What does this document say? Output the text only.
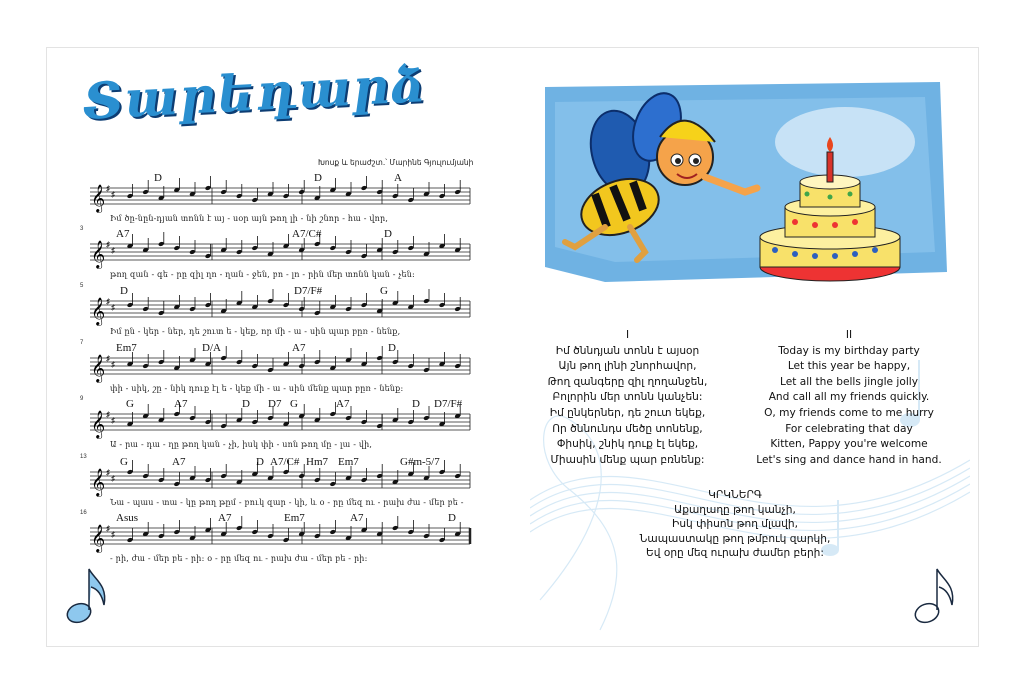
Տարեդարձ
Խոսք և երաժշտ.՝ Մարինե Գյուլումյանի
𝄞 ♯
♯
D	D	A
Իմ ծը-նըն-դյան տոնն է այ - սօր այն թող լի - նի շնոր - հա - վոր,
𝄞 ♯
♯
3	A7	A7/C#	D
թող զան - գե - րը զիլ ղո - ղան - ջեն, բո - լո - րին մեր տոնն կան - չեն:
𝄞 ♯
♯
5	D	D7/F#	G
Իմ ըն - կեր - ներ, դե շուտ ե - կեք, որ մի - ա - սին պար բըռ - նենք,
𝄞 ♯
♯
7	Em7	D/A	A7	D
փի - սիկ, շը - նիկ դուք էլ ե - կեք մի - ա - սին մենք պար բըռ - նենք:
𝄞 ♯
♯
9	G	A7	D D7 G	A7	D D7/F#
Ա - րա - դա - ղը թող կան - չի, իսկ փի - սոն թող մը - լա - վի,
𝄞 ♯
♯
13	G	A7	D A7/C# Hm7 Em7	G#m-5/7
Նա - պաս - տա - կը թող թըմ - բուկ զար - կի, և օ - րը մեզ ու - րախ ժա - մեր բե -
𝄞 ♯
♯
16	Asus	A7	Em7	A7	D
- րի, ժա - մեր բե - րի: օ - րը մեզ ու - րախ ժա - մեր բե - րի:
I
Իմ ծննդյան տոնն է այսօր
Այն թող լինի շնորհավոր,
Թող զանգերը զիլ ղողանջեն,
Բոլորին մեր տոնն կանչեն:
Իմ ընկերներ, դե շուտ եկեք,
Որ ծննունդս մեծը տոնենք,
Փիսիկ, շնիկ դուք էլ եկեք,
Միասին մենք պար բռնենք:
II
Today is my birthday party
Let this year be happy,
Let all the bells jingle jolly
And call all my friends quickly.
O, my friends come to me hurry
For celebrating that day
Kitten, Pappy you're welcome
Let's sing and dance hand in hand.
ԿՐԿՆԵՐԳ
Աքաղաղը թող կանչի,
Իսկ փիսոն թող մլավի,
Նապաստակը թող թմբուկ զարկի,
Եվ օրը մեզ ուրախ ժամեր բերի:
